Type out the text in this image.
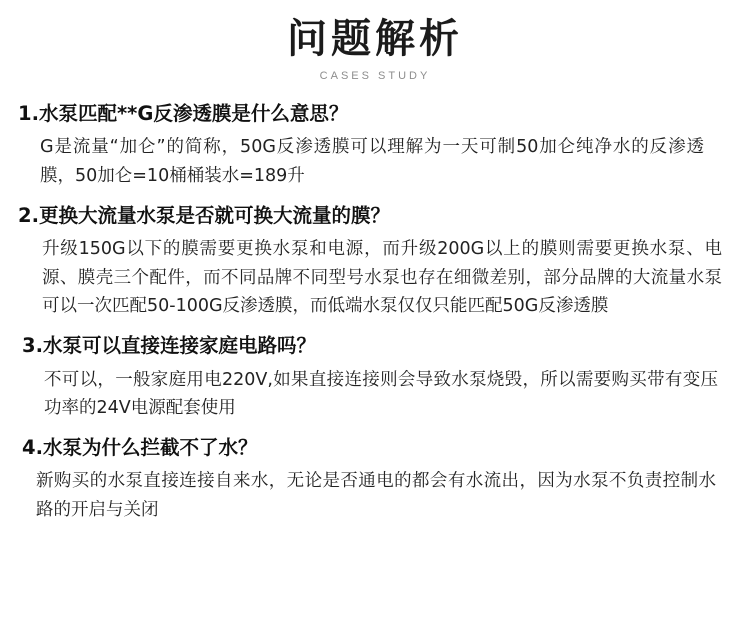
问题解析
CASES STUDY
1.水泵匹配**G反渗透膜是什么意思？
G是流量“加仑”的简称，50G反渗透膜可以理解为一天可制50加仑纯净水的反渗透膜，50加仑=10桶桶装水=189升
2.更换大流量水泵是否就可换大流量的膜？
升级150G以下的膜需要更换水泵和电源，而升级200G以上的膜则需要更换水泵、电源、膜壳三个配件，而不同品牌不同型号水泵也存在细微差别，部分品牌的大流量水泵可以一次匹配50-100G反渗透膜，而低端水泵仅仅只能匹配50G反渗透膜
3.水泵可以直接连接家庭电路吗？
不可以，一般家庭用电220V,如果直接连接则会导致水泵烧毁，所以需要购买带有变压功率的24V电源配套使用
4.水泵为什么拦截不了水？
新购买的水泵直接连接自来水，无论是否通电的都会有水流出，因为水泵不负责控制水路的开启与关闭
